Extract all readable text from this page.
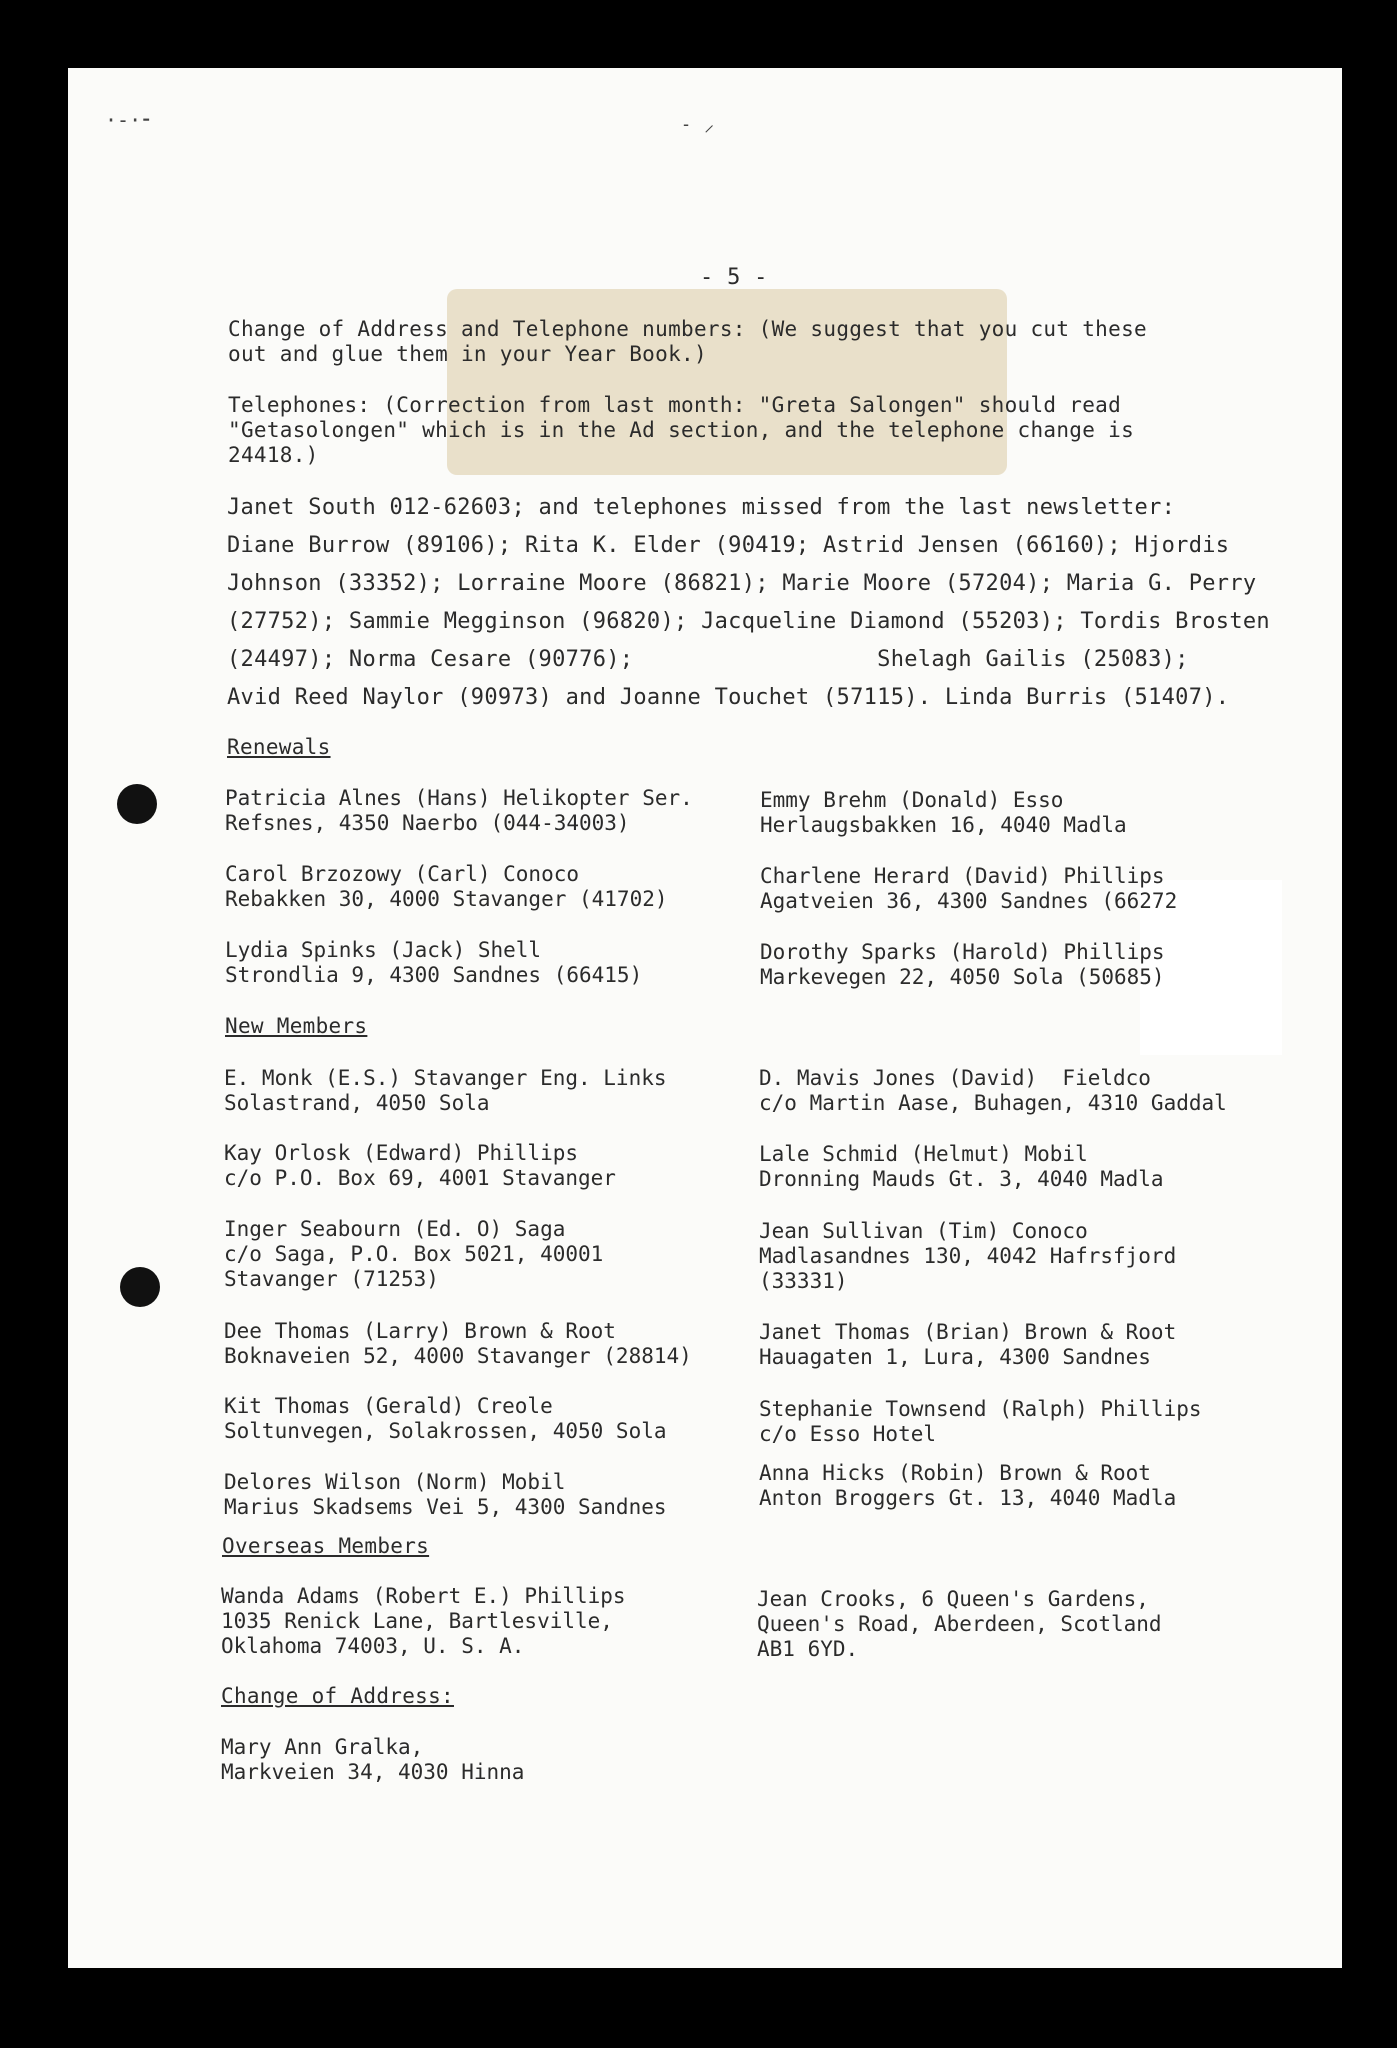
·‐·⁃	˗ ⸝
- 5 -
Change of Address and Telephone numbers: (We suggest that you cut these
out and glue them in your Year Book.)
Telephones: (Correction from last month: "Greta Salongen" should read
"Getasolongen" which is in the Ad section, and the telephone change is
24418.)
Janet South 012-62603; and telephones missed from the last newsletter:
Diane Burrow (89106); Rita K. Elder (90419; Astrid Jensen (66160); Hjordis
Johnson (33352); Lorraine Moore (86821); Marie Moore (57204); Maria G. Perry
(27752); Sammie Megginson (96820); Jacqueline Diamond (55203); Tordis Brosten
(24497); Norma Cesare (90776);                  Shelagh Gailis (25083);
Avid Reed Naylor (90973) and Joanne Touchet (57115). Linda Burris (51407).
Renewals
Patricia Alnes (Hans) Helikopter Ser.
Refsnes, 4350 Naerbo (044-34003)
Carol Brzozowy (Carl) Conoco
Rebakken 30, 4000 Stavanger (41702)
Lydia Spinks (Jack) Shell
Strondlia 9, 4300 Sandnes (66415)
Emmy Brehm (Donald) Esso
Herlaugsbakken 16, 4040 Madla
Charlene Herard (David) Phillips
Agatveien 36, 4300 Sandnes (66272
Dorothy Sparks (Harold) Phillips
Markevegen 22, 4050 Sola (50685)
New Members
E. Monk (E.S.) Stavanger Eng. Links
Solastrand, 4050 Sola
Kay Orlosk (Edward) Phillips
c/o P.O. Box 69, 4001 Stavanger
Inger Seabourn (Ed. O) Saga
c/o Saga, P.O. Box 5021, 40001
Stavanger (71253)
Dee Thomas (Larry) Brown & Root
Boknaveien 52, 4000 Stavanger (28814)
Kit Thomas (Gerald) Creole
Soltunvegen, Solakrossen, 4050 Sola
Delores Wilson (Norm) Mobil
Marius Skadsems Vei 5, 4300 Sandnes
D. Mavis Jones (David)  Fieldco
c/o Martin Aase, Buhagen, 4310 Gaddal
Lale Schmid (Helmut) Mobil
Dronning Mauds Gt. 3, 4040 Madla
Jean Sullivan (Tim) Conoco
Madlasandnes 130, 4042 Hafrsfjord
(33331)
Janet Thomas (Brian) Brown & Root
Hauagaten 1, Lura, 4300 Sandnes
Stephanie Townsend (Ralph) Phillips
c/o Esso Hotel
Anna Hicks (Robin) Brown & Root
Anton Broggers Gt. 13, 4040 Madla
Overseas Members
Wanda Adams (Robert E.) Phillips
1035 Renick Lane, Bartlesville,
Oklahoma 74003, U. S. A.
Jean Crooks, 6 Queen's Gardens,
Queen's Road, Aberdeen, Scotland
AB1 6YD.
Change of Address:
Mary Ann Gralka,
Markveien 34, 4030 Hinna
